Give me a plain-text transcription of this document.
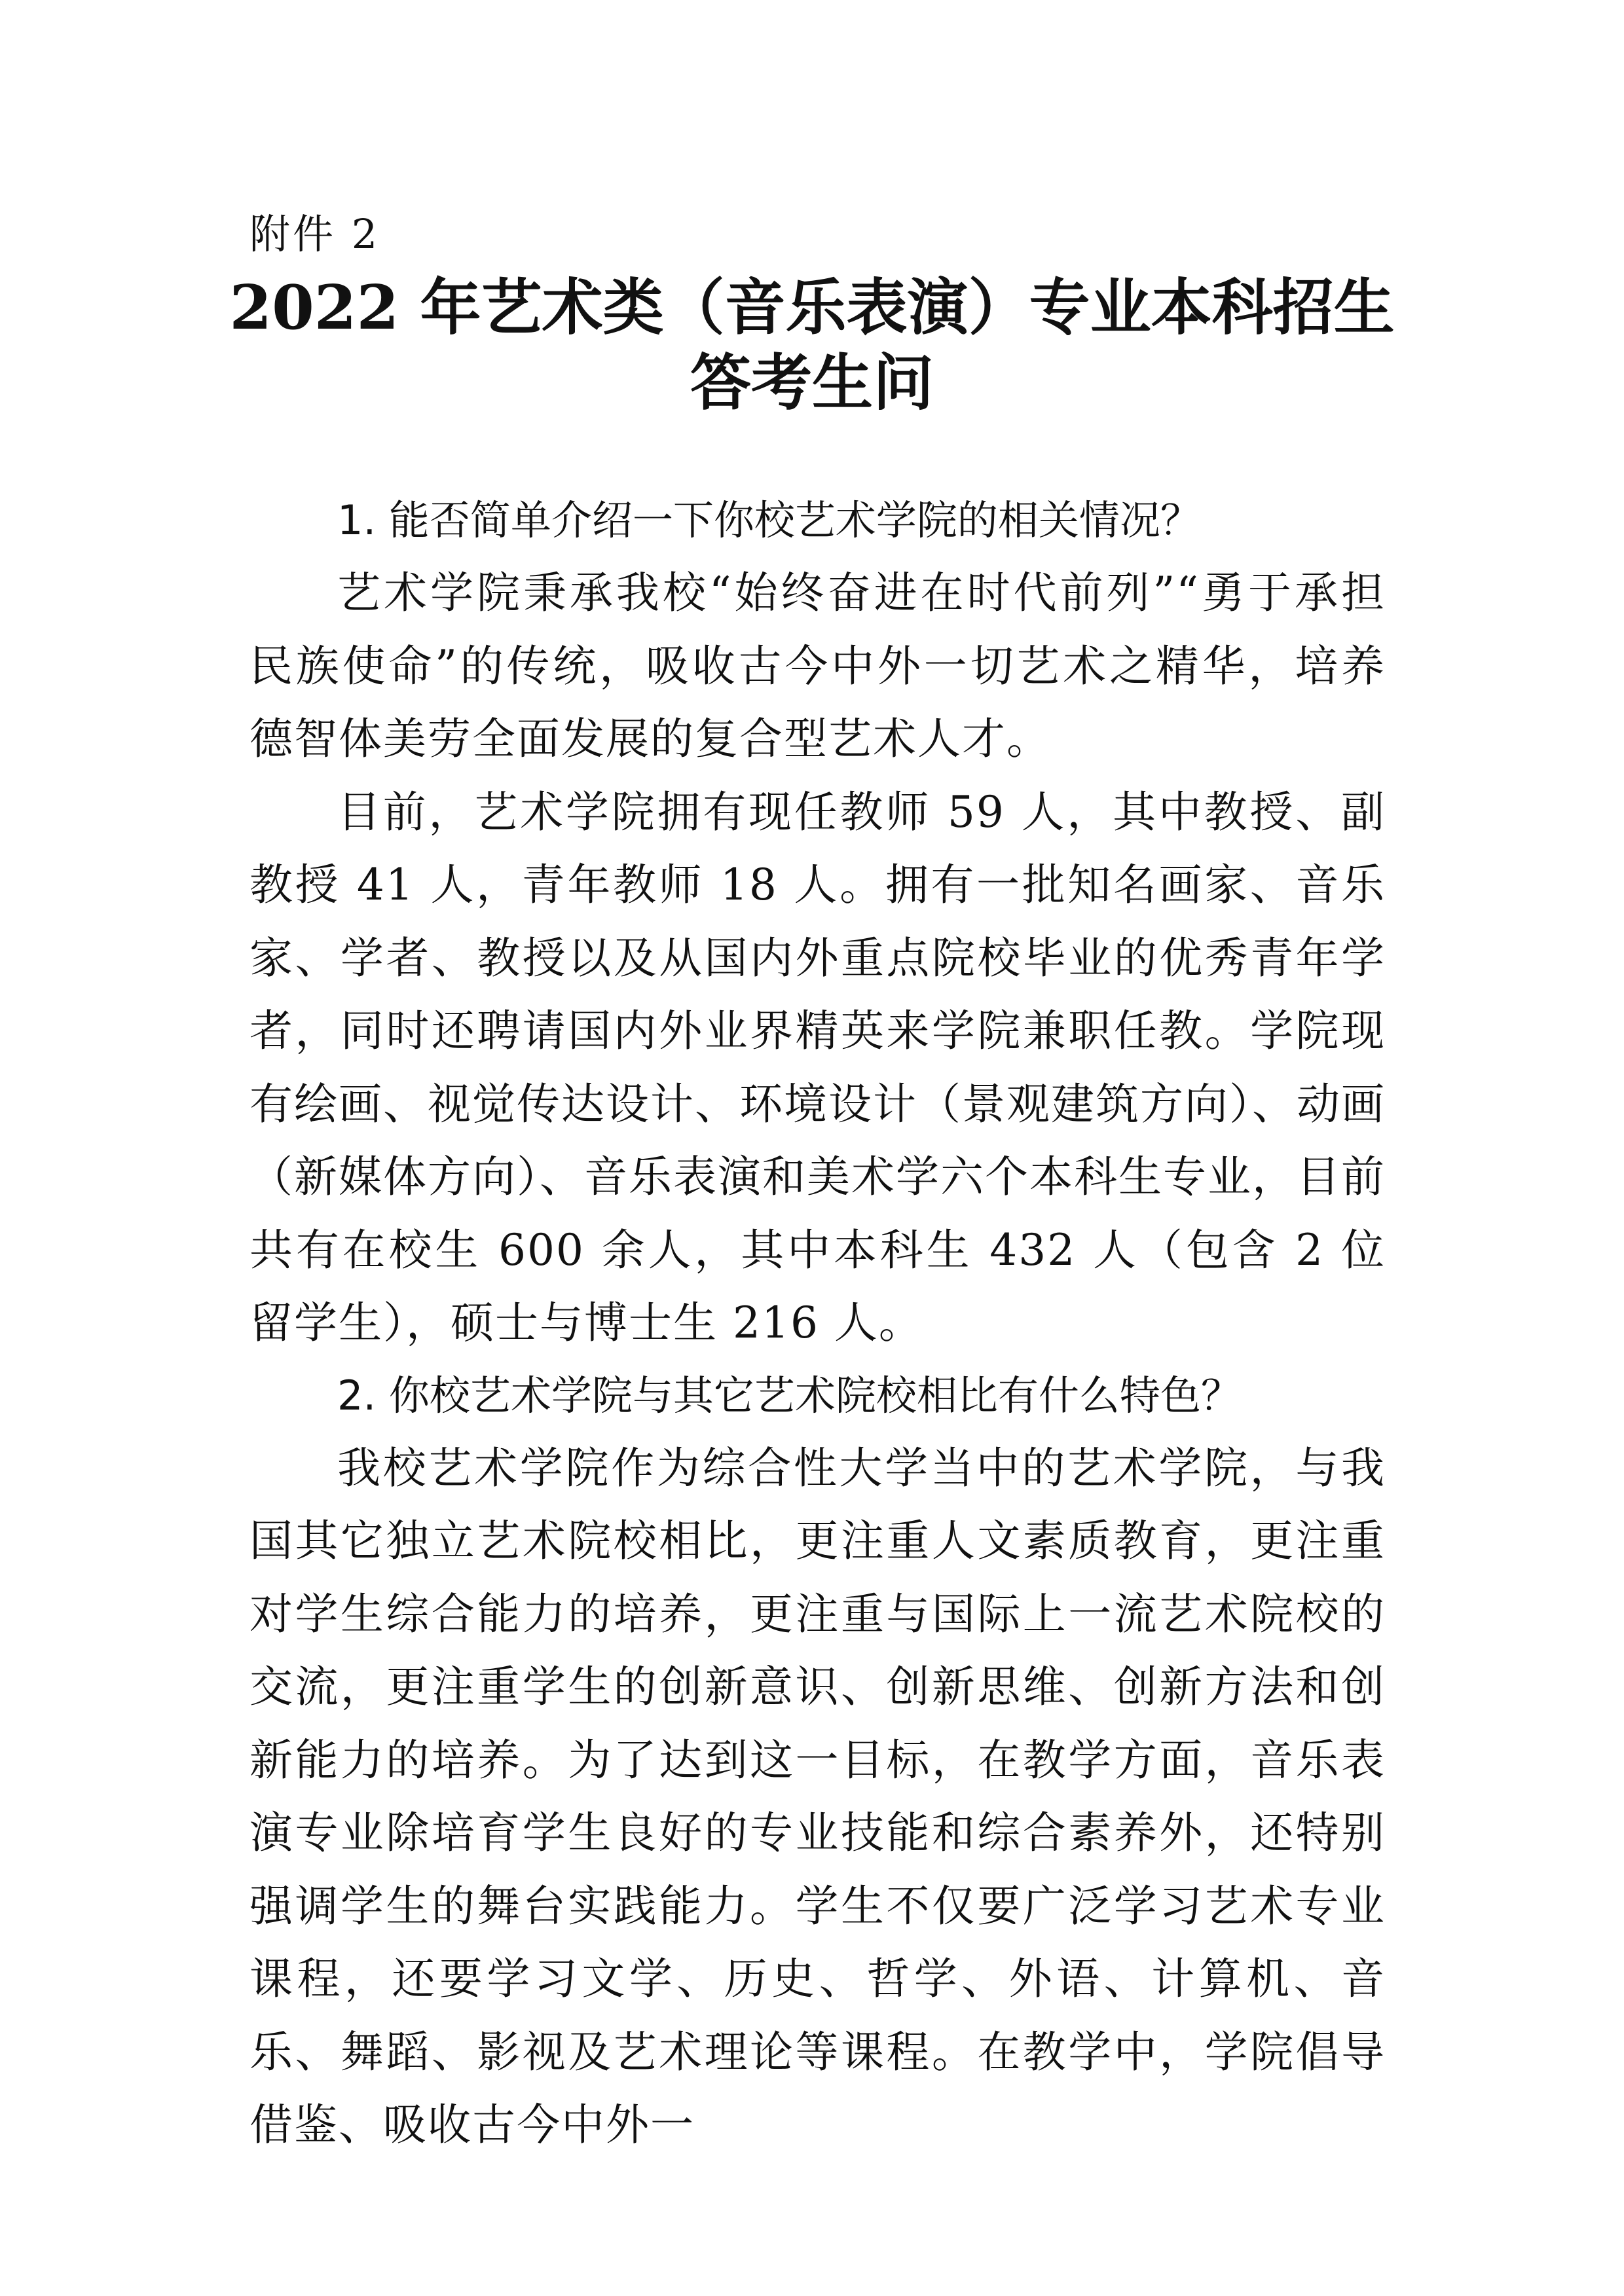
附件 2
2022 年艺术类（音乐表演）专业本科招生
答考生问

1. 能否简单介绍一下你校艺术学院的相关情况？

艺术学院秉承我校“始终奋进在时代前列”“勇于承担民族使命”的传统，吸收古今中外一切艺术之精华，培养德智体美劳全面发展的复合型艺术人才。

目前，艺术学院拥有现任教师 59 人，其中教授、副教授 41 人，青年教师 18 人。拥有一批知名画家、音乐家、学者、教授以及从国内外重点院校毕业的优秀青年学者，同时还聘请国内外业界精英来学院兼职任教。学院现有绘画、视觉传达设计、环境设计（景观建筑方向）、动画（新媒体方向）、音乐表演和美术学六个本科生专业，目前共有在校生 600 余人，其中本科生 432 人（包含 2 位留学生），硕士与博士生 216 人。

2. 你校艺术学院与其它艺术院校相比有什么特色？

我校艺术学院作为综合性大学当中的艺术学院，与我国其它独立艺术院校相比，更注重人文素质教育，更注重对学生综合能力的培养，更注重与国际上一流艺术院校的交流，更注重学生的创新意识、创新思维、创新方法和创新能力的培养。为了达到这一目标，在教学方面，音乐表演专业除培育学生良好的专业技能和综合素养外，还特别强调学生的舞台实践能力。学生不仅要广泛学习艺术专业课程，还要学习文学、历史、哲学、外语、计算机、音乐、舞蹈、影视及艺术理论等课程。在教学中，学院倡导借鉴、吸收古今中外一
